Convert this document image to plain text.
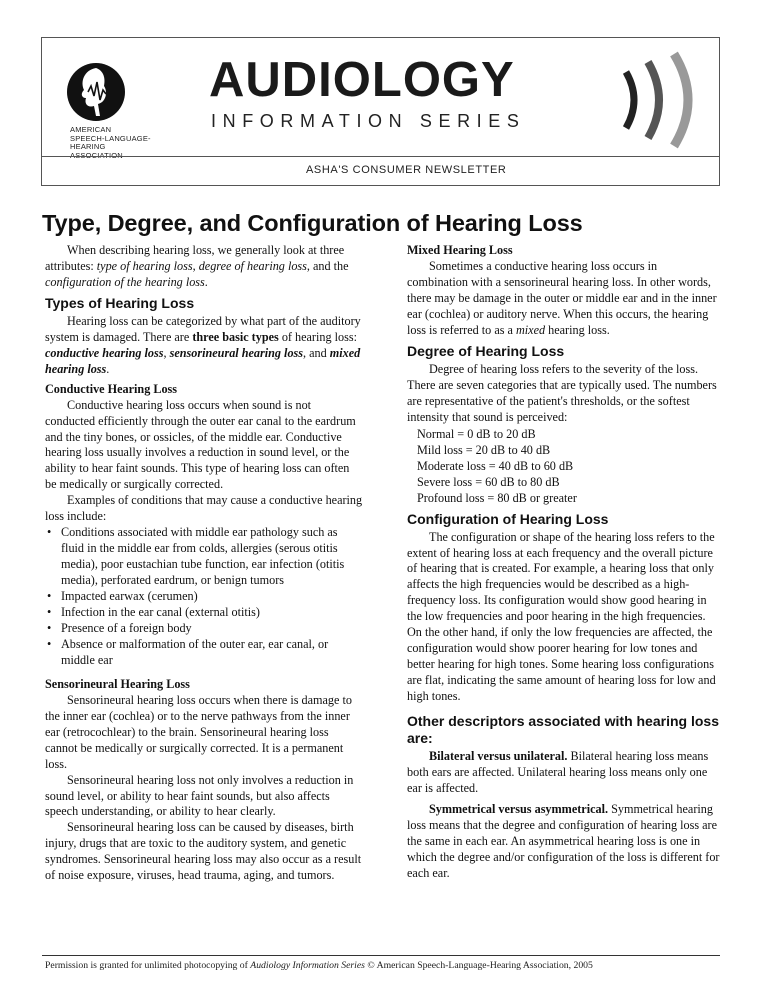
AMERICAN
SPEECH-LANGUAGE-
HEARING
ASSOCIATION
AUDIOLOGY
INFORMATION SERIES
ASHA'S CONSUMER NEWSLETTER
Type, Degree, and Configuration of Hearing Loss

When describing hearing loss, we generally look at three attributes: type of hearing loss, degree of hearing loss, and the configuration of the hearing loss.

Types of Hearing Loss

Hearing loss can be categorized by what part of the auditory system is damaged. There are three basic types of hearing loss: conductive hearing loss, sensorineural hearing loss, and mixed hearing loss.

Conductive Hearing Loss

Conductive hearing loss occurs when sound is not conducted efficiently through the outer ear canal to the eardrum and the tiny bones, or ossicles, of the middle ear. Conductive hearing loss usually involves a reduction in sound level, or the ability to hear faint sounds. This type of hearing loss can often be medically or surgically corrected.

Examples of conditions that may cause a conductive hearing loss include:

• Conditions associated with middle ear pathology such as fluid in the middle ear from colds, allergies (serous otitis media), poor eustachian tube function, ear infection (otitis media), perforated eardrum, or benign tumors
• Impacted earwax (cerumen)
• Infection in the ear canal (external otitis)
• Presence of a foreign body
• Absence or malformation of the outer ear, ear canal, or middle ear
Sensorineural Hearing Loss

Sensorineural hearing loss occurs when there is damage to the inner ear (cochlea) or to the nerve pathways from the inner ear (retrocochlear) to the brain. Sensorineural hearing loss cannot be medically or surgically corrected. It is a permanent loss.

Sensorineural hearing loss not only involves a reduction in sound level, or ability to hear faint sounds, but also affects speech understanding, or ability to hear clearly.

Sensorineural hearing loss can be caused by diseases, birth injury, drugs that are toxic to the auditory system, and genetic syndromes. Sensorineural hearing loss may also occur as a result of noise exposure, viruses, head trauma, aging, and tumors.

Mixed Hearing Loss

Sometimes a conductive hearing loss occurs in combination with a sensorineural hearing loss. In other words, there may be damage in the outer or middle ear and in the inner ear (cochlea) or auditory nerve. When this occurs, the hearing loss is referred to as a mixed hearing loss.

Degree of Hearing Loss

Degree of hearing loss refers to the severity of the loss. There are seven categories that are typically used. The numbers are representative of the patient's thresholds, or the softest intensity that sound is perceived:

Normal = 0 dB to 20 dB
Mild loss = 20 dB to 40 dB
Moderate loss = 40 dB to 60 dB
Severe loss = 60 dB to 80 dB
Profound loss = 80 dB or greater
Configuration of Hearing Loss

The configuration or shape of the hearing loss refers to the extent of hearing loss at each frequency and the overall picture of hearing that is created. For example, a hearing loss that only affects the high frequencies would be described as a high-frequency loss. Its configuration would show good hearing in the low frequencies and poor hearing in the high frequencies. On the other hand, if only the low frequencies are affected, the configuration would show poorer hearing for low tones and better hearing for high tones. Some hearing loss configurations are flat, indicating the same amount of hearing loss for low and high tones.

Other descriptors associated with hearing loss are:

Bilateral versus unilateral. Bilateral hearing loss means both ears are affected. Unilateral hearing loss means only one ear is affected.

Symmetrical versus asymmetrical. Symmetrical hearing loss means that the degree and configuration of hearing loss are the same in each ear. An asymmetrical hearing loss is one in which the degree and/or configuration of the loss is different for each ear.

Permission is granted for unlimited photocopying of Audiology Information Series © American Speech-Language-Hearing Association, 2005
